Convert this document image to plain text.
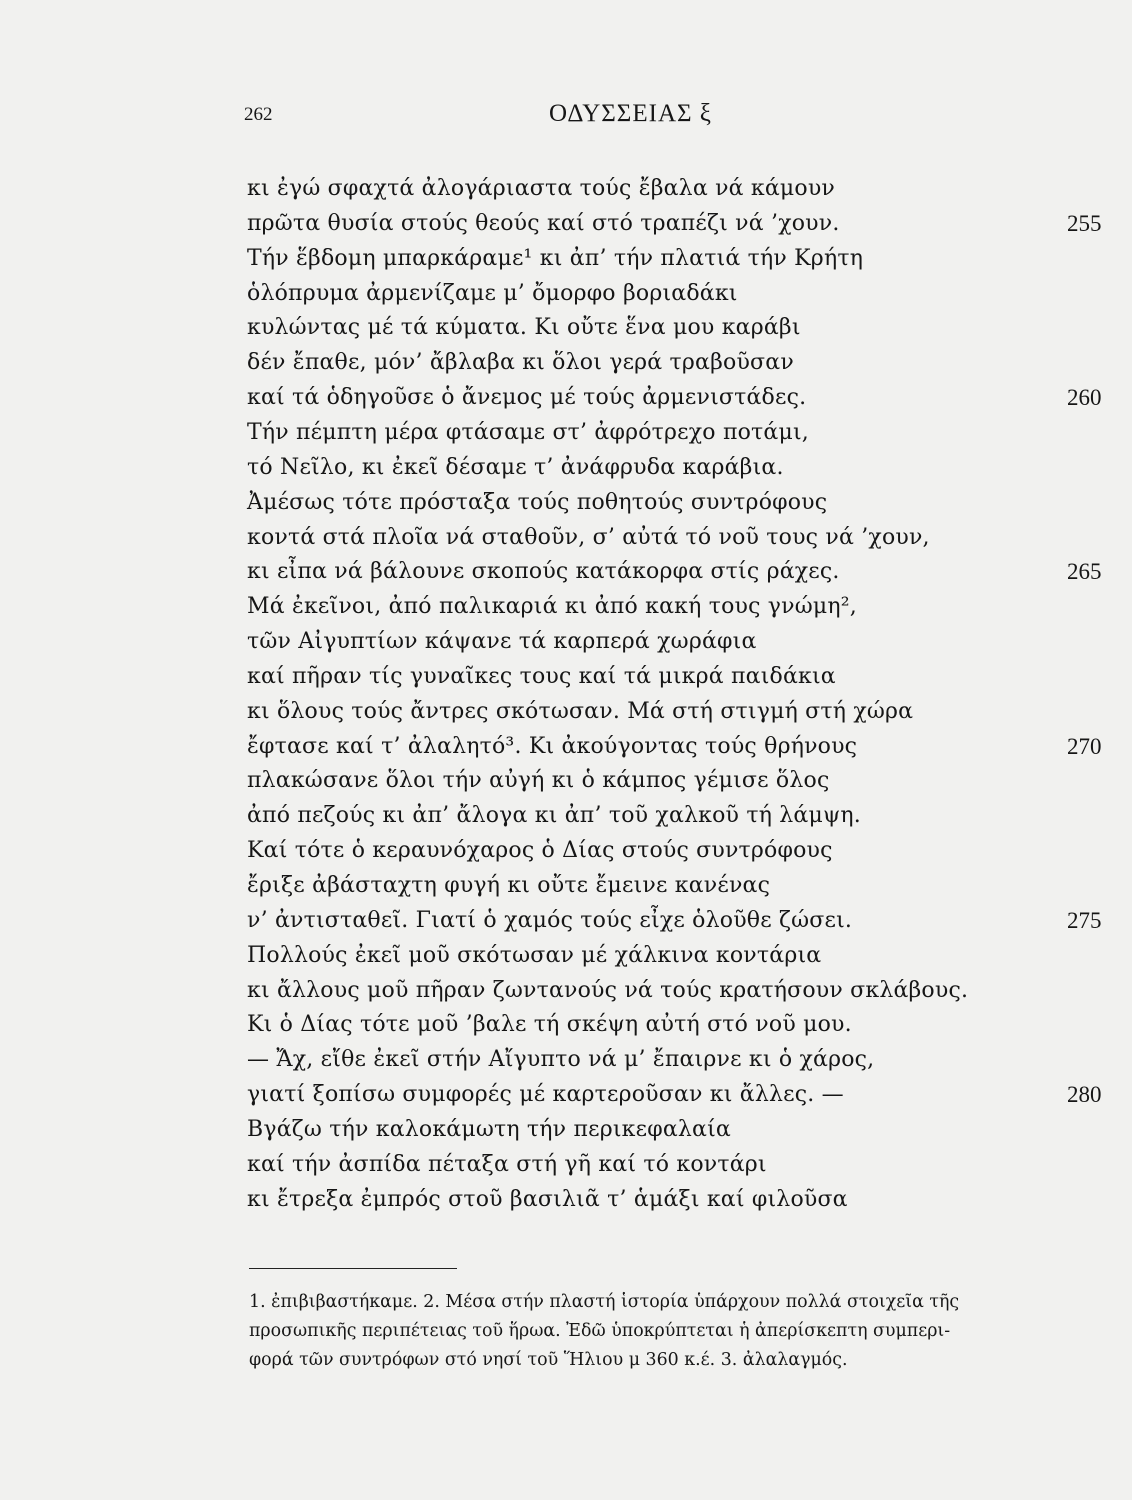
262	ΟΔΥΣΣΕΙΑΣ ξ
κι ἐγώ σφαχτά ἀλογάριαστα τούς ἔβαλα νά κάμουν
πρῶτα θυσία στούς θεούς καί στό τραπέζι νά ’χουν.	255
Τήν ἕβδομη μπαρκάραμε¹ κι ἀπ’ τήν πλατιά τήν Κρήτη
ὁλόπρυμα ἀρμενίζαμε μ’ ὄμορφο βοριαδάκι
κυλώντας μέ τά κύματα. Κι οὔτε ἕνα μου καράβι
δέν ἔπαθε, μόν’ ἄβλαβα κι ὅλοι γερά τραβοῦσαν
καί τά ὁδηγοῦσε ὁ ἄνεμος μέ τούς ἀρμενιστάδες.	260
Τήν πέμπτη μέρα φτάσαμε στ’ ἀφρότρεχο ποτάμι,
τό Νεῖλο, κι ἐκεῖ δέσαμε τ’ ἀνάφρυδα καράβια.
Ἀμέσως τότε πρόσταξα τούς ποθητούς συντρόφους
κοντά στά πλοῖα νά σταθοῦν, σ’ αὐτά τό νοῦ τους νά ’χουν,
κι εἶπα νά βάλουνε σκοπούς κατάκορφα στίς ράχες.	265
Μά ἐκεῖνοι, ἀπό παλικαριά κι ἀπό κακή τους γνώμη²,
τῶν Αἰγυπτίων κάψανε τά καρπερά χωράφια
καί πῆραν τίς γυναῖκες τους καί τά μικρά παιδάκια
κι ὅλους τούς ἄντρες σκότωσαν. Μά στή στιγμή στή χώρα
ἔφτασε καί τ’ ἀλαλητό³. Κι ἀκούγοντας τούς θρήνους	270
πλακώσανε ὅλοι τήν αὐγή κι ὁ κάμπος γέμισε ὅλος
ἀπό πεζούς κι ἀπ’ ἄλογα κι ἀπ’ τοῦ χαλκοῦ τή λάμψη.
Καί τότε ὁ κεραυνόχαρος ὁ Δίας στούς συντρόφους
ἔριξε ἀβάσταχτη φυγή κι οὔτε ἔμεινε κανένας
ν’ ἀντισταθεῖ. Γιατί ὁ χαμός τούς εἶχε ὁλοῦθε ζώσει.	275
Πολλούς ἐκεῖ μοῦ σκότωσαν μέ χάλκινα κοντάρια
κι ἄλλους μοῦ πῆραν ζωντανούς νά τούς κρατήσουν σκλάβους.
Κι ὁ Δίας τότε μοῦ ’βαλε τή σκέψη αὐτή στό νοῦ μου.
— Ἄχ, εἴθε ἐκεῖ στήν Αἴγυπτο νά μ’ ἔπαιρνε κι ὁ χάρος,
γιατί ξοπίσω συμφορές μέ καρτεροῦσαν κι ἄλλες. —	280
Βγάζω τήν καλοκάμωτη τήν περικεφαλαία
καί τήν ἀσπίδα πέταξα στή γῆ καί τό κοντάρι
κι ἔτρεξα ἐμπρός στοῦ βασιλιᾶ τ’ ἁμάξι καί φιλοῦσα
1. ἐπιβιβαστήκαμε. 2. Μέσα στήν πλαστή ἱστορία ὑπάρχουν πολλά στοιχεῖα τῆς
προσωπικῆς περιπέτειας τοῦ ἥρωα. Ἐδῶ ὑποκρύπτεται ἡ ἀπερίσκεπτη συμπερι-
φορά τῶν συντρόφων στό νησί τοῦ Ἥλιου μ 360 κ.έ. 3. ἀλαλαγμός.
